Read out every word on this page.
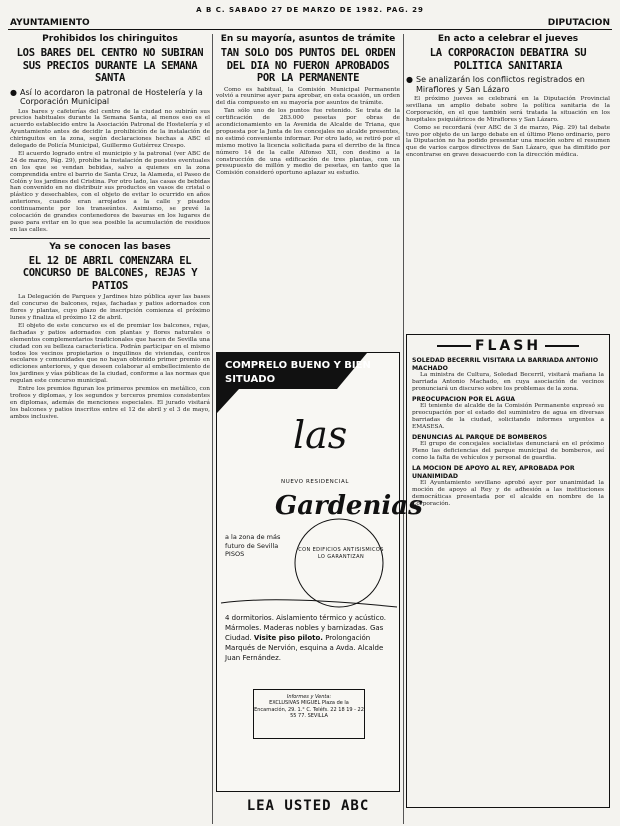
A B C. SABADO 27 DE MARZO DE 1982. PAG. 29
AYUNTAMIENTO	DIPUTACION
Prohibidos los chiringuitos
LOS BARES DEL CENTRO NO SUBIRAN SUS PRECIOS DURANTE LA SEMANA SANTA
● Así lo acordaron la patronal de Hostelería y la Corporación Municipal

Los bares y cafeterías del centro de la ciudad no subirán sus precios habituales durante la Semana Santa, al menos eso es el acuerdo establecido entre la Asociación Patronal de Hostelería y el Ayuntamiento antes de decidir la prohibición de la instalación de chiringuitos en la zona, según declaraciones hechas a ABC el delegado de Policía Municipal, Guillermo Gutiérrez Crespo.

El acuerdo logrado entre el municipio y la patronal (ver ABC de 24 de marzo, Pág. 29), prohíbe la instalación de puestos eventuales en los que se vendan bebidas, salvo a quienes en la zona comprendida entre el barrio de Santa Cruz, la Alameda, el Paseo de Colón y los jardines del Cristina. Por otro lado, las casas de bebidas han convenido en no distribuir sus productos en vasos de cristal o plástico y desechables, con el objeto de evitar lo ocurrido en años anteriores, cuando eran arrojados a la calle y pisados continuamente por los transeúntes. Asimismo, se prevé la colocación de grandes contenedores de basuras en los lugares de paso para evitar en lo que sea posible la acumulación de residuos en las calles.

Ya se conocen las bases
EL 12 DE ABRIL COMENZARA EL CONCURSO DE BALCONES, REJAS Y PATIOS

La Delegación de Parques y Jardines hizo pública ayer las bases del concurso de balcones, rejas, fachadas y patios adornados con flores y plantas, cuyo plazo de inscripción comienza el próximo lunes y finaliza el próximo 12 de abril.

El objeto de este concurso es el de premiar los balcones, rejas, fachadas y patios adornados con plantas y flores naturales o elementos complementarios tradicionales que hacen de Sevilla una ciudad con su belleza característica. Podrán participar en el mismo todos los vecinos propietarios o inquilinos de viviendas, centros escolares y comunidades que no hayan obtenido primer premio en ediciones anteriores, y que deseen colaborar al embellecimiento de los jardines y vías públicas de la ciudad, conforme a las normas que regulan este concurso municipal.

Entre los premios figuran los primeros premios en metálico, con trofeos y diplomas, y los segundos y terceros premios consistentes en diplomas, además de menciones especiales. El jurado visitará los balcones y patios inscritos entre el 12 de abril y el 3 de mayo, ambos inclusive.

En su mayoría, asuntos de trámite
TAN SOLO DOS PUNTOS DEL ORDEN DEL DIA NO FUERON APROBADOS POR LA PERMANENTE

Como es habitual, la Comisión Municipal Permanente volvió a reunirse ayer para aprobar, en esta ocasión, un orden del día compuesto en su mayoría por asuntos de trámite.

Tan sólo uno de los puntos fue retenido. Se trata de la certificación de 283.000 pesetas por obras de acondicionamiento en la Avenida de Alcalde de Triana, que propuesta por la Junta de los concejales no alcalde presentes, no estimó conveniente informar. Por otro lado, se retiró por el mismo motivo la licencia solicitada para el derribo de la finca número 14 de la calle Alfonso XII, con destino a la construcción de una edificación de tres plantas, con un presupuesto de millón y medio de pesetas, en tanto que la Comisión consideró oportuno aplazar su estudio.

COMPRELO BUENO Y BIEN SITUADO
las
NUEVO RESIDENCIAL
Gardenias
a la zona de más futuro de Sevilla PISOS	CON EDIFICIOS ANTISISMICOS LO GARANTIZAN
4 dormitorios. Aislamiento térmico y acústico. Mármoles. Maderas nobles y barnizadas. Gas Ciudad. Visite piso piloto. Prolongación Marqués de Nervión, esquina a Avda. Alcalde Juan Fernández.
Informes y Venta:
EXCLUSIVAS MIGUEL Plaza de la Encarnación, 29. 1.° C. Teléfs. 22 18 19 - 22 55 77. SEVILLA
LEA USTED ABC
En acto a celebrar el jueves
LA CORPORACION DEBATIRA SU POLITICA SANITARIA
● Se analizarán los conflictos registrados en Miraflores y San Lázaro

El próximo jueves se celebrará en la Diputación Provincial sevillana un amplio debate sobre la política sanitaria de la Corporación, en el que también será tratada la situación en los hospitales psiquiátricos de Miraflores y San Lázaro.

Como se recordará (ver ABC de 3 de marzo, Pág. 29) tal debate tuvo por objeto de un largo debate en el último Pleno ordinario, pero la Diputación no ha podido presentar una moción sobre el resumen que de varios cargos directivos de San Lázaro, que ha dimitido por encontrarse en grave desacuerdo con la dirección médica.

FLASH
SOLEDAD BECERRIL VISITARA LA BARRIADA ANTONIO MACHADO
La ministra de Cultura, Soledad Becerril, visitará mañana la barriada Antonio Machado, en cuya asociación de vecinos pronunciará un discurso sobre los problemas de la zona.
PREOCUPACION POR EL AGUA
El teniente de alcalde de la Comisión Permanente expresó su preocupación por el estado del suministro de agua en diversas barriadas de la ciudad, solicitando informes urgentes a EMASESA.
DENUNCIAS AL PARQUE DE BOMBEROS
El grupo de concejales socialistas denunciará en el próximo Pleno las deficiencias del parque municipal de bomberos, así como la falta de vehículos y personal de guardia.
LA MOCION DE APOYO AL REY, APROBADA POR UNANIMIDAD
El Ayuntamiento sevillano aprobó ayer por unanimidad la moción de apoyo al Rey y de adhesión a las instituciones democráticas presentada por el alcalde en nombre de la Corporación.
